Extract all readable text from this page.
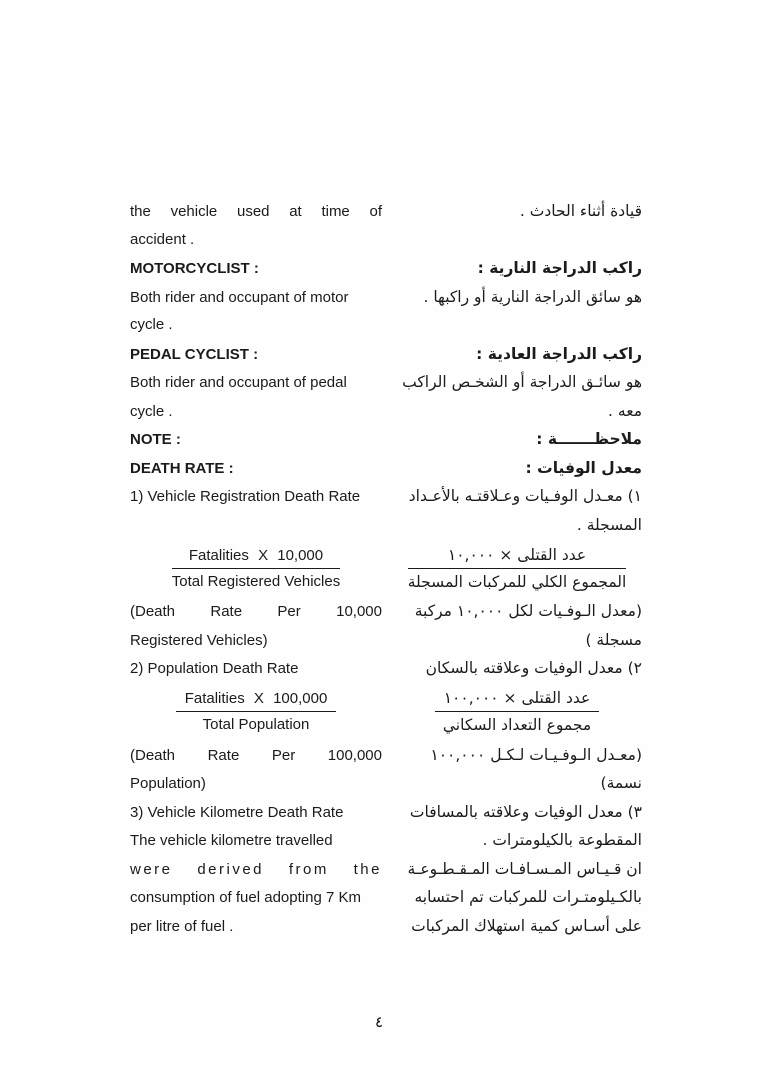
the vehicle used at time of	قيادة أثناء الحادث .
accident .
MOTORCYCLIST :	راكب الدراجة النارية :
Both rider and occupant of motor	هو سائق الدراجة النارية أو راكبها .
cycle .
PEDAL CYCLIST :	راكب الدراجة العادية :
Both rider and occupant of pedal	هو سائـق الدراجة أو الشخـص الراكب
cycle .	معه .
NOTE :	ملاحظـــــــة :
DEATH RATE :	معدل الوفيات :
1) Vehicle Registration Death Rate	١) معـدل الوفـيات وعـلاقتـه بالأعـداد
المسجلة .
$\frac{\text{Fatalities X 10,000}}{\text{Total Registered Vehicles}}$	$\frac{\text{عدد القتلى × ١٠,٠٠٠}}{\text{المجموع الكلي للمركبات المسجلة}}$
(Death Rate Per 10,000	(معدل الـوفـيات لكل ١٠,٠٠٠ مركبة
Registered Vehicles)	مسجلة )
2) Population Death Rate	٢) معدل الوفيات وعلاقته بالسكان
$\frac{\text{Fatalities X 100,000}}{\text{Total Population}}$	$\frac{\text{عدد القتلى × ١٠٠,٠٠٠}}{\text{مجموع التعداد السكاني}}$
(Death Rate Per 100,000	(معـدل الـوفـيـات لـكـل ١٠٠,٠٠٠
Population)	نسمة)
3) Vehicle Kilometre Death Rate	٣) معدل الوفيات وعلاقته بالمسافات
The vehicle kilometre travelled	المقطوعة بالكيلومترات .
were derived from the	ان قـيـاس المـسـافـات المـقـطـوعـة
consumption of fuel adopting 7 Km	بالكـيلومتـرات للمركبات تم احتسابه
per litre of fuel .	على أسـاس كمية استهلاك المركبات
٤
